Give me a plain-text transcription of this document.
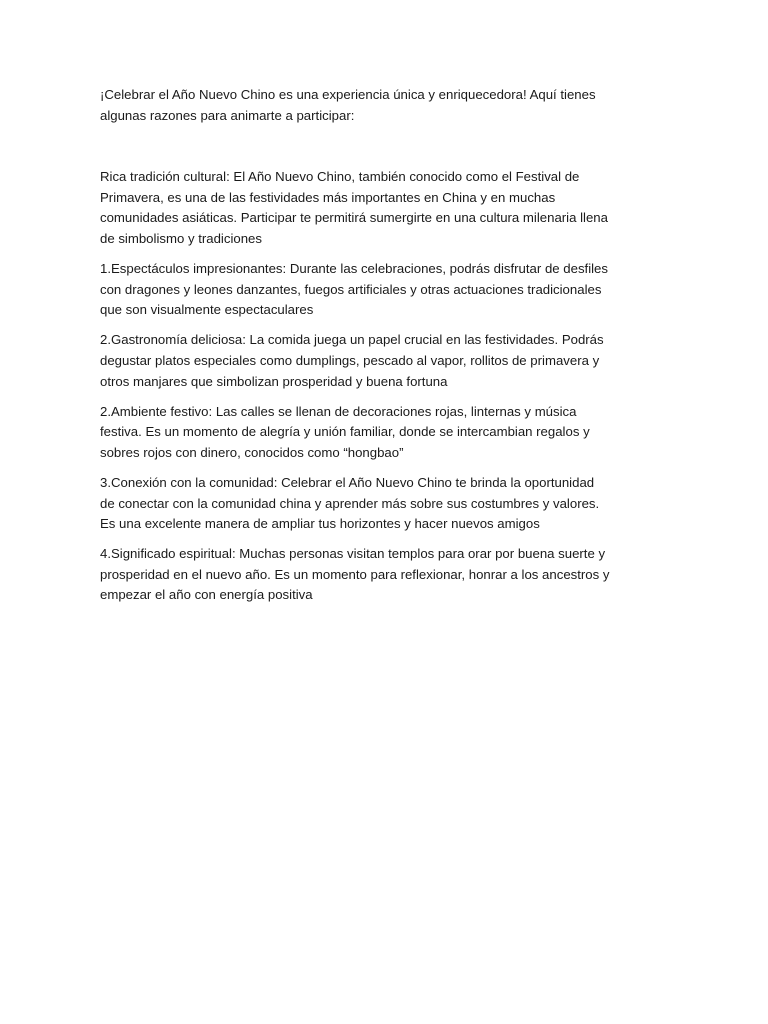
¡Celebrar el Año Nuevo Chino es una experiencia única y enriquecedora! Aquí tienes algunas razones para animarte a participar:

Rica tradición cultural: El Año Nuevo Chino, también conocido como el Festival de Primavera, es una de las festividades más importantes en China y en muchas comunidades asiáticas. Participar te permitirá sumergirte en una cultura milenaria llena de simbolismo y tradiciones

1.Espectáculos impresionantes: Durante las celebraciones, podrás disfrutar de desfiles con dragones y leones danzantes, fuegos artificiales y otras actuaciones tradicionales que son visualmente espectaculares

2.Gastronomía deliciosa: La comida juega un papel crucial en las festividades. Podrás degustar platos especiales como dumplings, pescado al vapor, rollitos de primavera y otros manjares que simbolizan prosperidad y buena fortuna

2.Ambiente festivo: Las calles se llenan de decoraciones rojas, linternas y música festiva. Es un momento de alegría y unión familiar, donde se intercambian regalos y sobres rojos con dinero, conocidos como “hongbao”

3.Conexión con la comunidad: Celebrar el Año Nuevo Chino te brinda la oportunidad de conectar con la comunidad china y aprender más sobre sus costumbres y valores. Es una excelente manera de ampliar tus horizontes y hacer nuevos amigos

4.Significado espiritual: Muchas personas visitan templos para orar por buena suerte y prosperidad en el nuevo año. Es un momento para reflexionar, honrar a los ancestros y empezar el año con energía positiva
